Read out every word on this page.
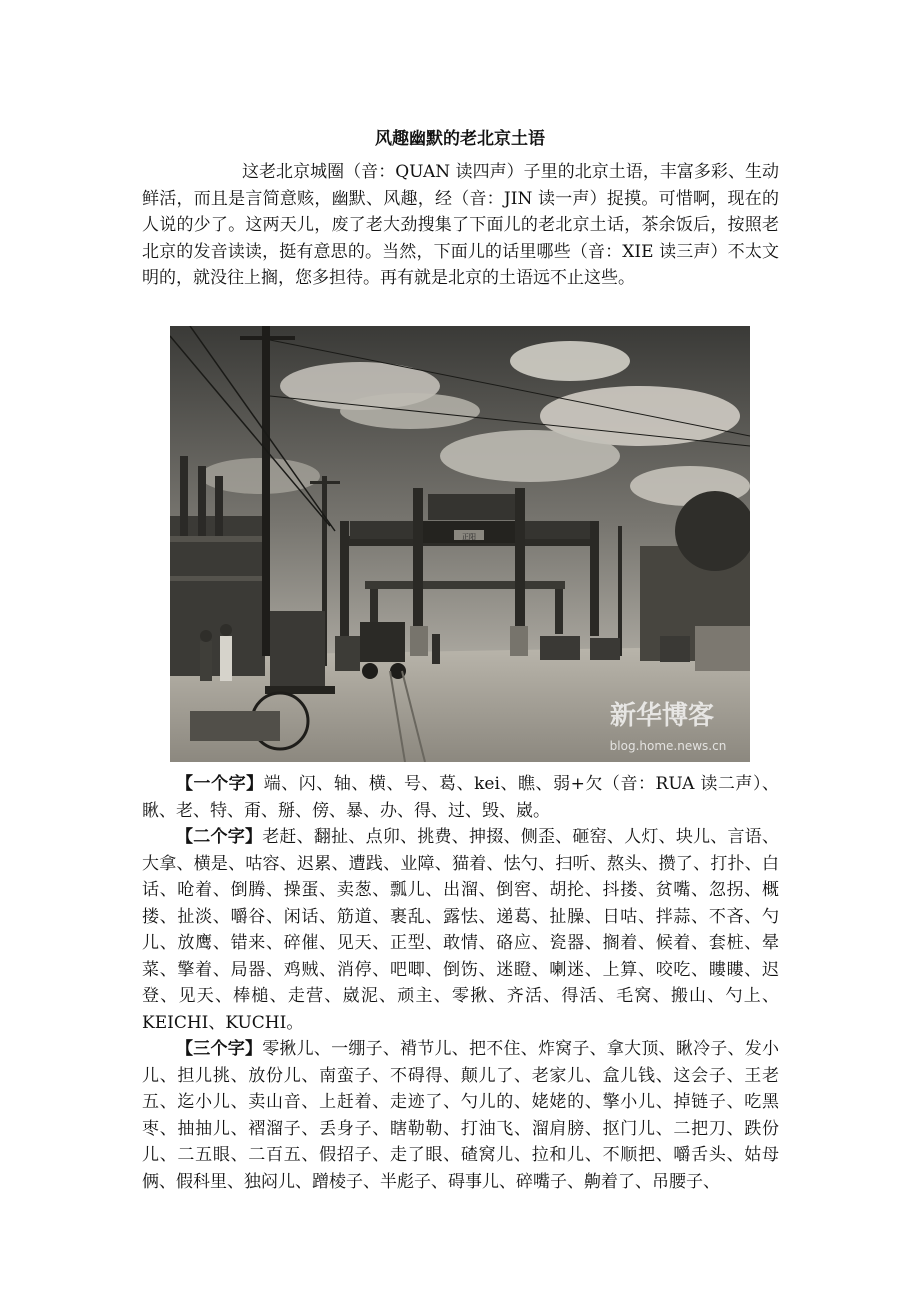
风趣幽默的老北京土语

这老北京城圈（音：QUAN 读四声）子里的北京土语，丰富多彩、生动鲜活，而且是言简意赅，幽默、风趣，经（音：JIN 读一声）捉摸。可惜啊，现在的人说的少了。这两天儿，废了老大劲搜集了下面儿的老北京土话，茶余饭后，按照老北京的发音读读，挺有意思的。当然，下面儿的话里哪些（音：XIE 读三声）不太文明的，就没往上搁，您多担待。再有就是北京的土语远不止这些。

新华博客
blog.home.news.cn
正阳

【一个字】端、闪、轴、横、号、葛、kei、瞧、弱+欠（音：RUA 读二声）、瞅、老、特、甭、掰、傍、暴、办、得、过、毁、崴。

【二个字】老赶、翻扯、点卯、挑费、抻掇、侧歪、砸窑、人灯、块儿、言语、大拿、横是、咕容、迟累、遭践、业障、猫着、怯勺、扫听、熬头、攒了、打扑、白话、呛着、倒腾、操蛋、卖葱、瓢儿、出溜、倒窖、胡抡、抖搂、贫嘴、忽拐、概搂、扯淡、嚼谷、闲话、筋道、裹乱、露怯、递葛、扯臊、日咕、拌蒜、不吝、勺儿、放鹰、错来、碎催、见天、正型、敢情、硌应、瓷器、搁着、候着、套桩、晕菜、擎着、局器、鸡贼、消停、吧唧、倒饬、迷瞪、喇迷、上算、咬吃、瞜瞜、迟登、见天、棒槌、走营、崴泥、顽主、零揪、齐活、得活、毛窝、搬山、勺上、KEICHI、KUCHI。

【三个字】零揪儿、一绷子、褙节儿、把不住、炸窝子、拿大顶、瞅冷子、发小儿、担儿挑、放份儿、南蛮子、不碍得、颠儿了、老家儿、盒儿钱、这会子、王老五、迄小儿、卖山音、上赶着、走迹了、勺儿的、姥姥的、擎小儿、掉链子、吃黑枣、抽抽儿、褶溜子、丢身子、瞎勒勒、打油飞、溜肩膀、抠门儿、二把刀、跌份儿、二五眼、二百五、假招子、走了眼、碴窝儿、拉和儿、不顺把、嚼舌头、姑母俩、假科里、独闷儿、蹭棱子、半彪子、碍事儿、碎嘴子、齁着了、吊腰子、
